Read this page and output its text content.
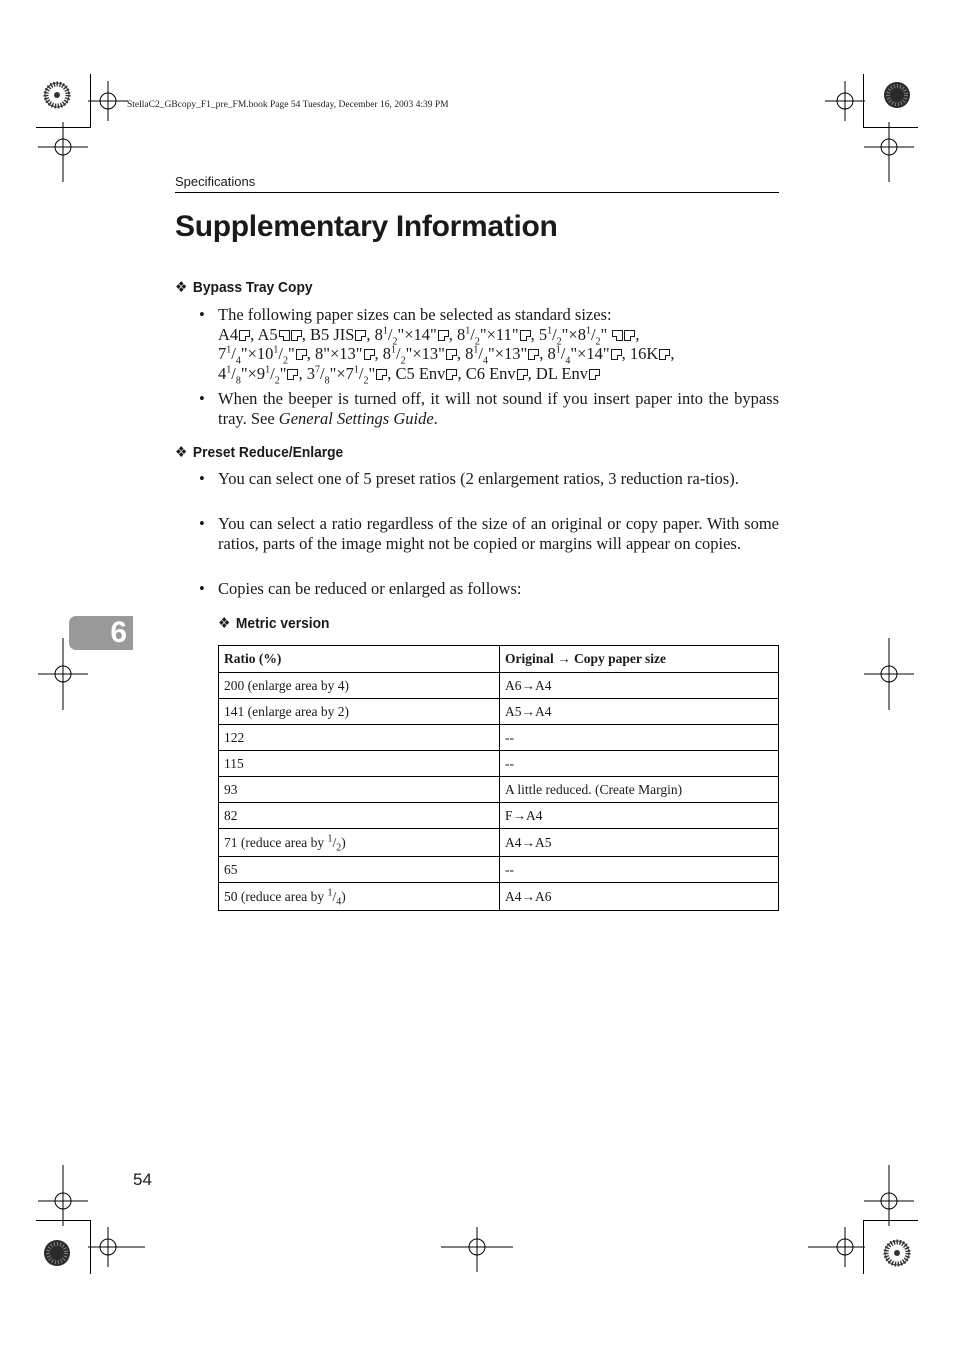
StellaC2_GBcopy_F1_pre_FM.book Page 54 Tuesday, December 16, 2003 4:39 PM
Specifications
Supplementary Information
❖ Bypass Tray Copy
• The following paper sizes can be selected as standard sizes:
A4 , A5 , B5 JIS , $8^1/_2"\times 14$" , $8^1/_2"\times 11$" , $5^1/_2"\times 8^1/_2$" ,
$7^1/_4"\times 10^1/_2$" , 8"×13" , $8^1/_2"\times 13$" , $8^1/_4"\times 13$" , $8^1/_4"\times 14$" , 16K ,
$4^1/_8"\times 9^1/_2$" , $3^7/_8"\times 7^1/_2$" , C5 Env , C6 Env , DL Env
• When the beeper is turned off, it will not sound if you insert paper into the bypass tray. See General Settings Guide.
❖ Preset Reduce/Enlarge
• You can select one of 5 preset ratios (2 enlargement ratios, 3 reduction ra-tios).
• You can select a ratio regardless of the size of an original or copy paper. With some ratios, parts of the image might not be copied or margins will appear on copies.
• Copies can be reduced or enlarged as follows:
6	❖ Metric version
Ratio (%)	Original → Copy paper size
200 (enlarge area by 4)	A6→A4
141 (enlarge area by 2)	A5→A4
122	--
115	--
93	A little reduced. (Create Margin)
82	F→A4
71 (reduce area by $^1/_2$)	A4→A5
65	--
50 (reduce area by $^1/_4$)	A4→A6
54
